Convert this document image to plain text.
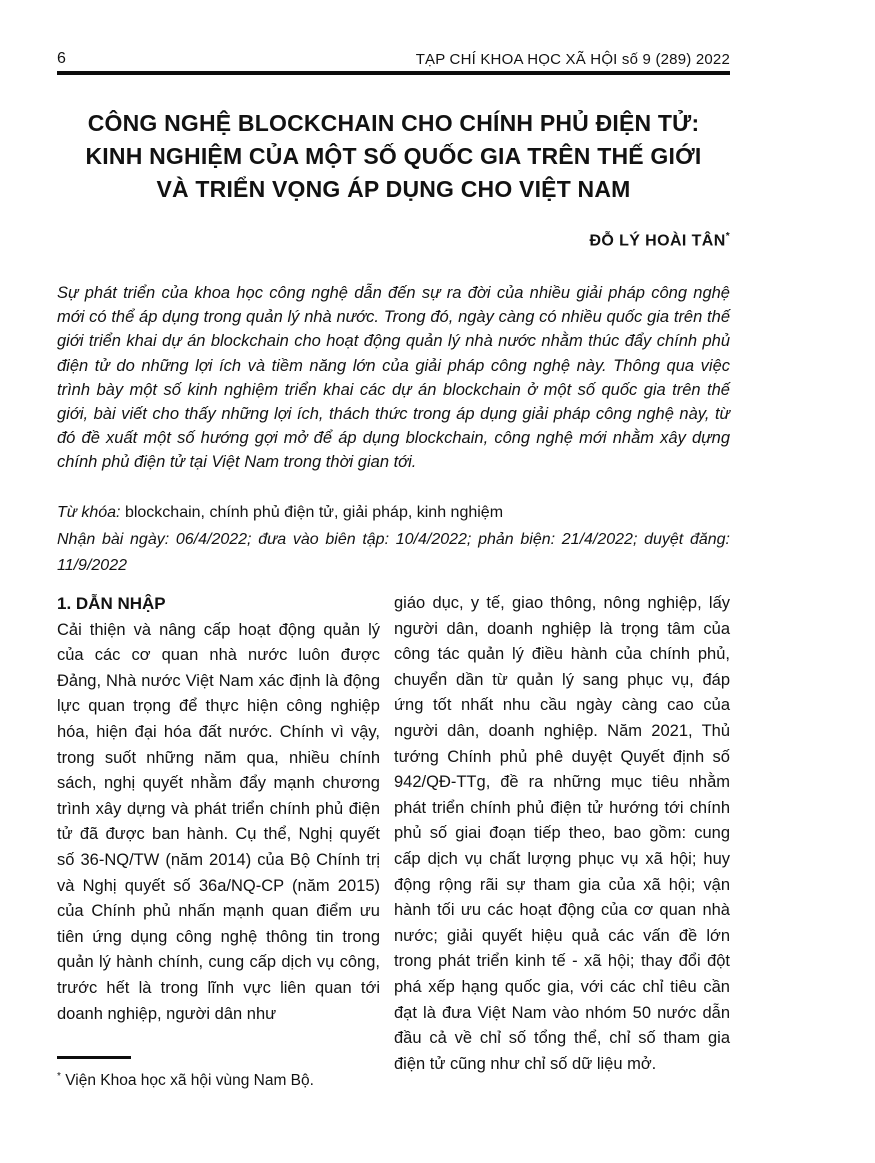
6	TẠP CHÍ KHOA HỌC XÃ HỘI số 9 (289) 2022
CÔNG NGHỆ BLOCKCHAIN CHO CHÍNH PHỦ ĐIỆN TỬ:
KINH NGHIỆM CỦA MỘT SỐ QUỐC GIA TRÊN THẾ GIỚI
VÀ TRIỂN VỌNG ÁP DỤNG CHO VIỆT NAM
ĐỖ LÝ HOÀI TÂN*
Sự phát triển của khoa học công nghệ dẫn đến sự ra đời của nhiều giải pháp công nghệ mới có thể áp dụng trong quản lý nhà nước. Trong đó, ngày càng có nhiều quốc gia trên thế giới triển khai dự án blockchain cho hoạt động quản lý nhà nước nhằm thúc đẩy chính phủ điện tử do những lợi ích và tiềm năng lớn của giải pháp công nghệ này. Thông qua việc trình bày một số kinh nghiệm triển khai các dự án blockchain ở một số quốc gia trên thế giới, bài viết cho thấy những lợi ích, thách thức trong áp dụng giải pháp công nghệ này, từ đó đề xuất một số hướng gợi mở để áp dụng blockchain, công nghệ mới nhằm xây dựng chính phủ điện tử tại Việt Nam trong thời gian tới.
Từ khóa: blockchain, chính phủ điện tử, giải pháp, kinh nghiệm
Nhận bài ngày: 06/4/2022; đưa vào biên tập: 10/4/2022; phản biện: 21/4/2022; duyệt đăng: 11/9/2022
1. DẪN NHẬP
Cải thiện và nâng cấp hoạt động quản lý của các cơ quan nhà nước luôn được Đảng, Nhà nước Việt Nam xác định là động lực quan trọng để thực hiện công nghiệp hóa, hiện đại hóa đất nước. Chính vì vậy, trong suốt những năm qua, nhiều chính sách, nghị quyết nhằm đẩy mạnh chương trình xây dựng và phát triển chính phủ điện tử đã được ban hành. Cụ thể, Nghị quyết số 36-NQ/TW (năm 2014) của Bộ Chính trị và Nghị quyết số 36a/NQ-CP (năm 2015) của Chính phủ nhấn mạnh quan điểm ưu tiên ứng dụng công nghệ thông tin trong quản lý hành chính, cung cấp dịch vụ công, trước hết là trong lĩnh vực liên quan tới doanh nghiệp, người dân như
giáo dục, y tế, giao thông, nông nghiệp, lấy người dân, doanh nghiệp là trọng tâm của công tác quản lý điều hành của chính phủ, chuyển dần từ quản lý sang phục vụ, đáp ứng tốt nhất nhu cầu ngày càng cao của người dân, doanh nghiệp. Năm 2021, Thủ tướng Chính phủ phê duyệt Quyết định số 942/QĐ-TTg, đề ra những mục tiêu nhằm phát triển chính phủ điện tử hướng tới chính phủ số giai đoạn tiếp theo, bao gồm: cung cấp dịch vụ chất lượng phục vụ xã hội; huy động rộng rãi sự tham gia của xã hội; vận hành tối ưu các hoạt động của cơ quan nhà nước; giải quyết hiệu quả các vấn đề lớn trong phát triển kinh tế - xã hội; thay đổi đột phá xếp hạng quốc gia, với các chỉ tiêu cần đạt là đưa Việt Nam vào nhóm 50 nước dẫn đầu cả về chỉ số tổng thể, chỉ số tham gia điện tử cũng như chỉ số dữ liệu mở.
* Viện Khoa học xã hội vùng Nam Bộ.
